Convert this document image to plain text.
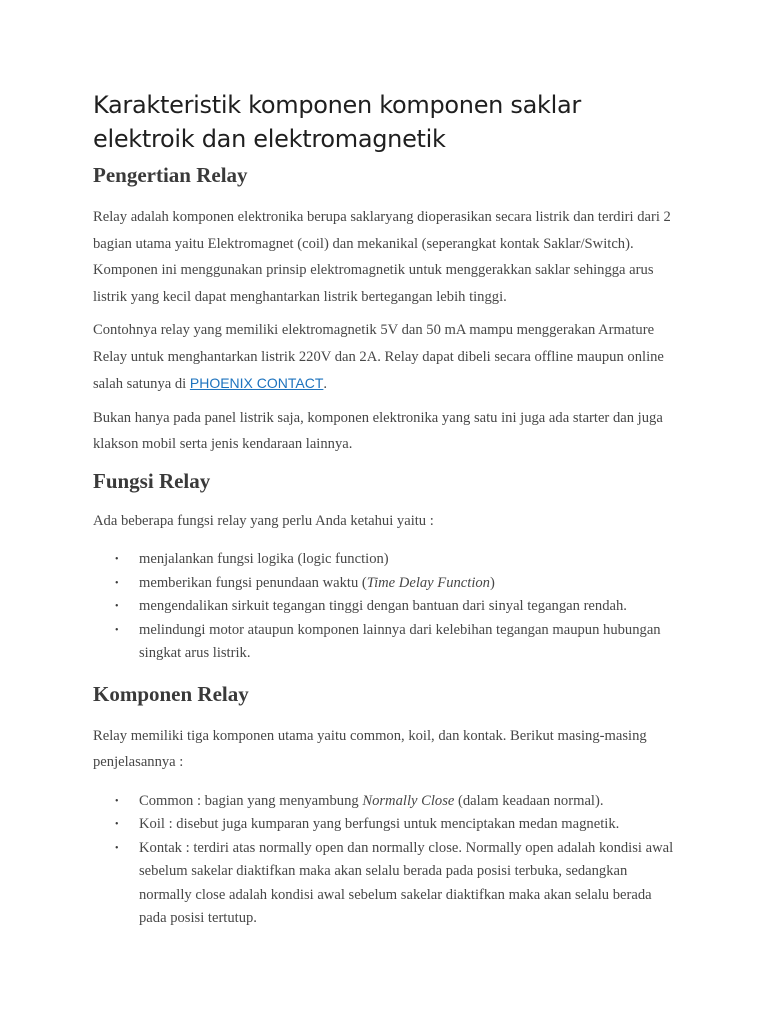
Karakteristik komponen komponen saklar elektroik dan elektromagnetik
Pengertian Relay

Relay adalah komponen elektronika berupa saklaryang dioperasikan secara listrik dan terdiri dari 2 bagian utama yaitu Elektromagnet (coil) dan mekanikal (seperangkat kontak Saklar/Switch). Komponen ini menggunakan prinsip elektromagnetik untuk menggerakkan saklar sehingga arus listrik yang kecil dapat menghantarkan listrik bertegangan lebih tinggi.

Contohnya relay yang memiliki elektromagnetik 5V dan 50 mA mampu menggerakan Armature Relay untuk menghantarkan listrik 220V dan 2A. Relay dapat dibeli secara offline maupun online salah satunya di PHOENIX CONTACT.

Bukan hanya pada panel listrik saja, komponen elektronika yang satu ini juga ada starter dan juga klakson mobil serta jenis kendaraan lainnya.

Fungsi Relay

Ada beberapa fungsi relay yang perlu Anda ketahui yaitu :

• menjalankan fungsi logika (logic function)
• memberikan fungsi penundaan waktu (Time Delay Function)
• mengendalikan sirkuit tegangan tinggi dengan bantuan dari sinyal tegangan rendah.
• melindungi motor ataupun komponen lainnya dari kelebihan tegangan maupun hubungan singkat arus listrik.
Komponen Relay

Relay memiliki tiga komponen utama yaitu common, koil, dan kontak. Berikut masing-masing penjelasannya :

• Common : bagian yang menyambung Normally Close (dalam keadaan normal).
• Koil : disebut juga kumparan yang berfungsi untuk menciptakan medan magnetik.
• Kontak : terdiri atas normally open dan normally close. Normally open adalah kondisi awal sebelum sakelar diaktifkan maka akan selalu berada pada posisi terbuka, sedangkan normally close adalah kondisi awal sebelum sakelar diaktifkan maka akan selalu berada pada posisi tertutup.
